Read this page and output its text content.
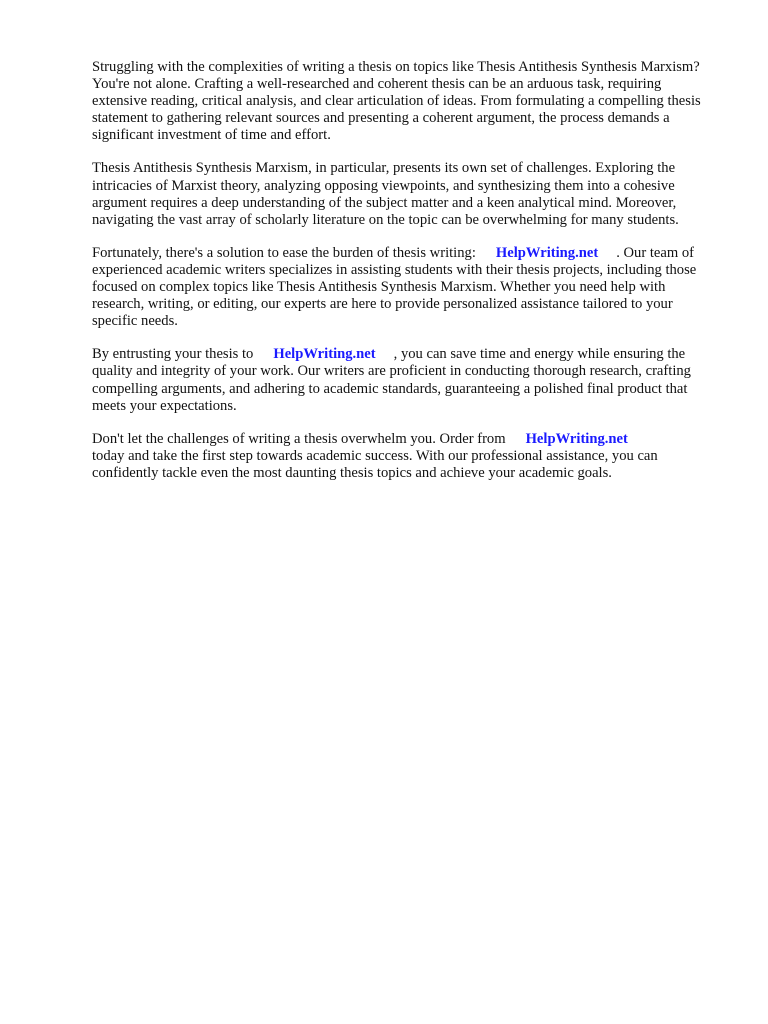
Struggling with the complexities of writing a thesis on topics like Thesis Antithesis Synthesis Marxism? You're not alone. Crafting a well-researched and coherent thesis can be an arduous task, requiring extensive reading, critical analysis, and clear articulation of ideas. From formulating a compelling thesis statement to gathering relevant sources and presenting a coherent argument, the process demands a significant investment of time and effort.

Thesis Antithesis Synthesis Marxism, in particular, presents its own set of challenges. Exploring the intricacies of Marxist theory, analyzing opposing viewpoints, and synthesizing them into a cohesive argument requires a deep understanding of the subject matter and a keen analytical mind. Moreover, navigating the vast array of scholarly literature on the topic can be overwhelming for many students.

Fortunately, there's a solution to ease the burden of thesis writing: HelpWriting.net . Our team of experienced academic writers specializes in assisting students with their thesis projects, including those focused on complex topics like Thesis Antithesis Synthesis Marxism. Whether you need help with research, writing, or editing, our experts are here to provide personalized assistance tailored to your specific needs.

By entrusting your thesis to HelpWriting.net , you can save time and energy while ensuring the quality and integrity of your work. Our writers are proficient in conducting thorough research, crafting compelling arguments, and adhering to academic standards, guaranteeing a polished final product that meets your expectations.

Don't let the challenges of writing a thesis overwhelm you. Order from HelpWriting.net
today and take the first step towards academic success. With our professional assistance, you can confidently tackle even the most daunting thesis topics and achieve your academic goals.
